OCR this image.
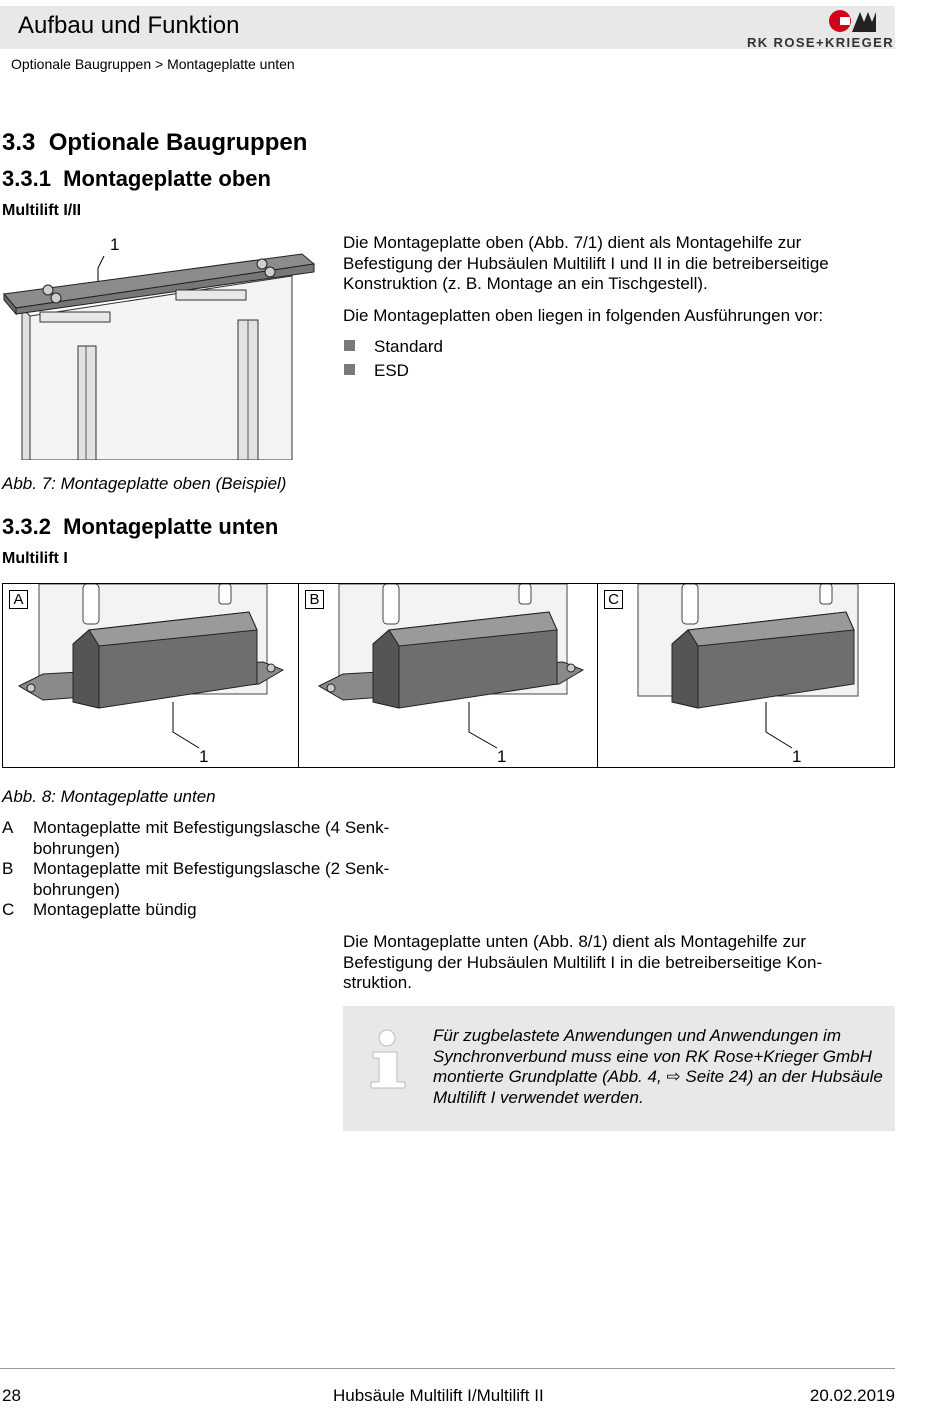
Aufbau und Funktion
Optionale Baugruppen > Montageplatte unten
RK ROSE+KRIEGER
3.3 Optionale Baugruppen
3.3.1 Montageplatte oben
Multilift I/II
1	Die Montageplatte oben (Abb. 7/1) dient als Montagehilfe zur Befestigung der Hubsäulen Multilift I und II in die betreiberseitige Konstruktion (z. B. Montage an ein Tischgestell).
Die Montageplatten oben liegen in folgenden Ausführungen vor:
Standard
ESD
Abb. 7: Montageplatte oben (Beispiel)
3.3.2 Montageplatte unten
Multilift I
A
1
B
1
C
1
Abb. 8: Montageplatte unten
A Montageplatte mit Befestigungslasche (4 Senk-
bohrungen)
B Montageplatte mit Befestigungslasche (2 Senk-
bohrungen)
C Montageplatte bündig
Die Montageplatte unten (Abb. 8/1) dient als Montagehilfe zur Befestigung der Hubsäulen Multilift I in die betreiberseitige Kon-
struktion.
Für zugbelastete Anwendungen und Anwendungen im Synchronverbund muss eine von RK Rose+Krieger GmbH montierte Grundplatte (Abb. 4, ⇨ Seite 24) an der Hubsäule Multilift I verwendet werden.
28	Hubsäule Multilift I/Multilift II	20.02.2019
